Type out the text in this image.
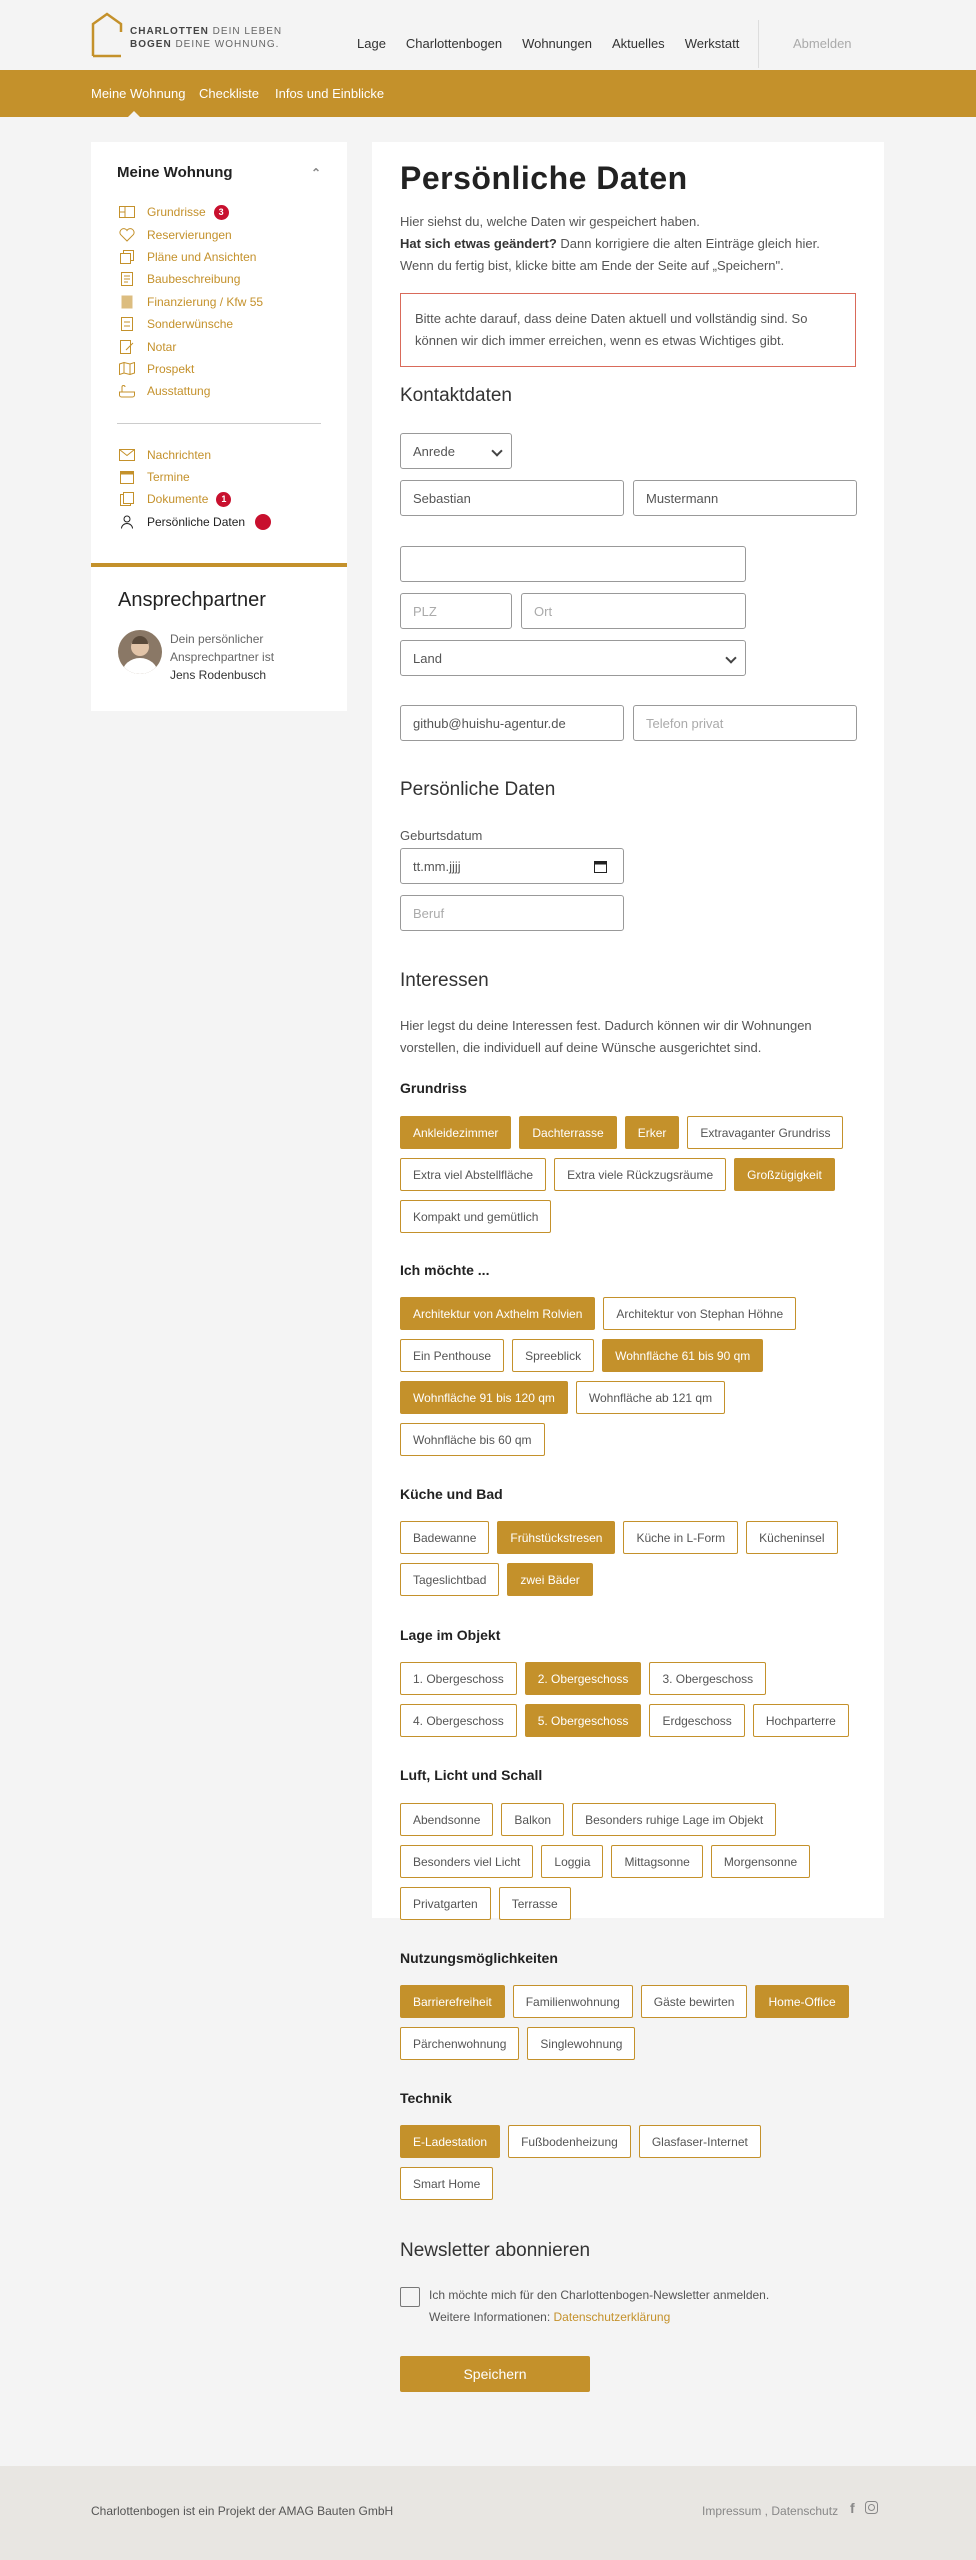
CHARLOTTEN DEIN LEBEN
BOGEN DEINE WOHNUNG.	Lage Charlottenbogen Wohnungen Aktuelles Werkstatt	Abmelden
Meine Wohnung Checkliste Infos und Einblicke
Meine Wohnung	⌃
Grundrisse	3
Reservierungen
Pläne und Ansichten
Baubeschreibung
Finanzierung / Kfw 55
Sonderwünsche
Notar
Prospekt
Ausstattung
Nachrichten
Termine
Dokumente	1
Persönliche Daten
Ansprechpartner
Dein persönlicher
Ansprechpartner ist
Jens Rodenbusch
Persönliche Daten
Hier siehst du, welche Daten wir gespeichert haben.
Hat sich etwas geändert? Dann korrigiere die alten Einträge gleich hier.
Wenn du fertig bist, klicke bitte am Ende der Seite auf „Speichern".
Bitte achte darauf, dass deine Daten aktuell und vollständig sind. So können wir dich immer erreichen, wenn es etwas Wichtiges gibt.
Kontaktdaten
Anrede
Sebastian	Mustermann
PLZ	Ort
Land
github@huishu-agentur.de	Telefon privat
Persönliche Daten
Geburtsdatum
tt.mm.jjjj
Beruf
Interessen
Hier legst du deine Interessen fest. Dadurch können wir dir Wohnungen vorstellen, die individuell auf deine Wünsche ausgerichtet sind.
Grundriss
Ankleidezimmer	Dachterrasse	Erker	Extravaganter Grundriss
Extra viel Abstellfläche	Extra viele Rückzugsräume	Großzügigkeit
Kompakt und gemütlich
Ich möchte ...
Architektur von Axthelm Rolvien	Architektur von Stephan Höhne
Ein Penthouse	Spreeblick	Wohnfläche 61 bis 90 qm
Wohnfläche 91 bis 120 qm	Wohnfläche ab 121 qm
Wohnfläche bis 60 qm
Küche und Bad
Badewanne	Frühstückstresen	Küche in L-Form	Kücheninsel
Tageslichtbad	zwei Bäder
Lage im Objekt
1. Obergeschoss	2. Obergeschoss	3. Obergeschoss
4. Obergeschoss	5. Obergeschoss	Erdgeschoss	Hochparterre
Luft, Licht und Schall
Abendsonne	Balkon	Besonders ruhige Lage im Objekt
Besonders viel Licht	Loggia	Mittagsonne	Morgensonne
Privatgarten	Terrasse
Nutzungsmöglichkeiten
Barrierefreiheit	Familienwohnung	Gäste bewirten	Home-Office
Pärchenwohnung	Singlewohnung
Technik
E-Ladestation	Fußbodenheizung	Glasfaser-Internet
Smart Home
Newsletter abonnieren
Ich möchte mich für den Charlottenbogen-Newsletter anmelden.
Weitere Informationen: Datenschutzerklärung
Speichern
Charlottenbogen ist ein Projekt der AMAG Bauten GmbH	Impressum , Datenschutz f
